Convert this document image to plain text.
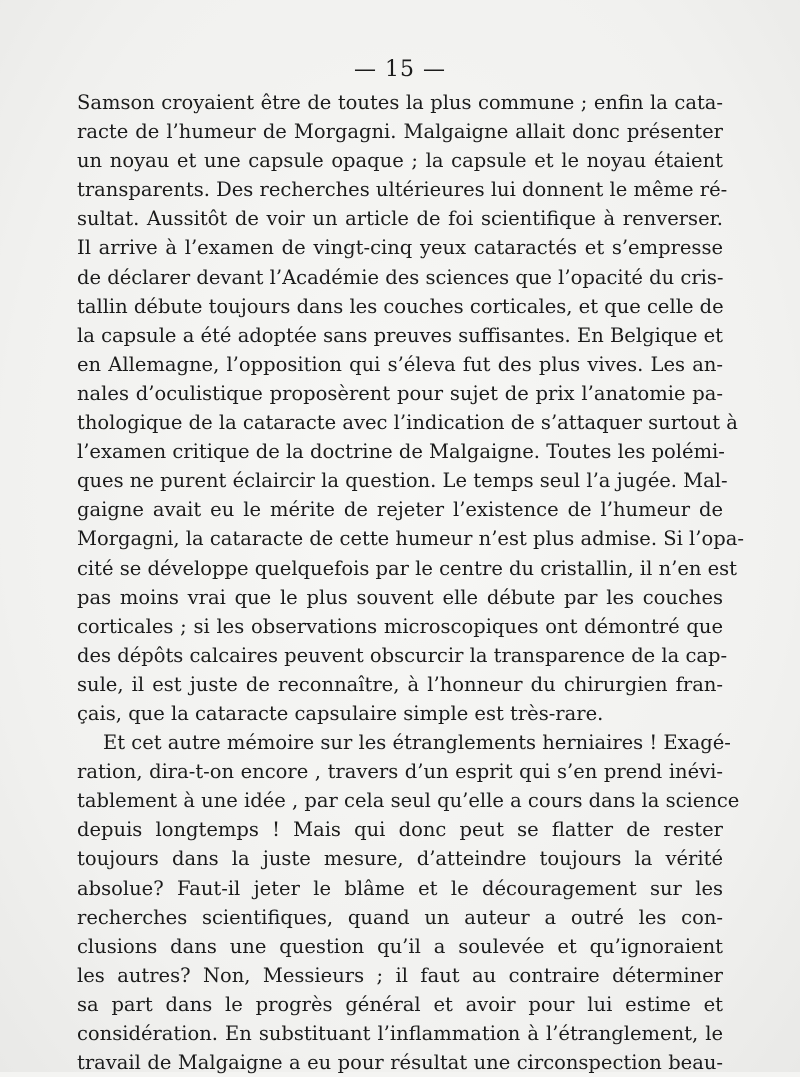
— 15 —
Samson croyaient être de toutes la plus commune ; enfin la cata-
racte de l’humeur de Morgagni. Malgaigne allait donc présenter
un noyau et une capsule opaque ; la capsule et le noyau étaient
transparents. Des recherches ultérieures lui donnent le même ré-
sultat. Aussitôt de voir un article de foi scientifique à renverser.
Il arrive à l’examen de vingt-cinq yeux cataractés et s’empresse
de déclarer devant l’Académie des sciences que l’opacité du cris-
tallin débute toujours dans les couches corticales, et que celle de
la capsule a été adoptée sans preuves suffisantes. En Belgique et
en Allemagne, l’opposition qui s’éleva fut des plus vives. Les an-
nales d’oculistique proposèrent pour sujet de prix l’anatomie pa-
thologique de la cataracte avec l’indication de s’attaquer surtout à
l’examen critique de la doctrine de Malgaigne. Toutes les polémi-
ques ne purent éclaircir la question. Le temps seul l’a jugée. Mal-
gaigne avait eu le mérite de rejeter l’existence de l’humeur de
Morgagni, la cataracte de cette humeur n’est plus admise. Si l’opa-
cité se développe quelquefois par le centre du cristallin, il n’en est
pas moins vrai que le plus souvent elle débute par les couches
corticales ; si les observations microscopiques ont démontré que
des dépôts calcaires peuvent obscurcir la transparence de la cap-
sule, il est juste de reconnaître, à l’honneur du chirurgien fran-
çais, que la cataracte capsulaire simple est très-rare.
Et cet autre mémoire sur les étranglements herniaires ! Exagé-
ration, dira-t-on encore , travers d’un esprit qui s’en prend inévi-
tablement à une idée , par cela seul qu’elle a cours dans la science
depuis longtemps ! Mais qui donc peut se flatter de rester
toujours dans la juste mesure, d’atteindre toujours la vérité
absolue? Faut-il jeter le blâme et le découragement sur les
recherches scientifiques, quand un auteur a outré les con-
clusions dans une question qu’il a soulevée et qu’ignoraient
les autres? Non, Messieurs ; il faut au contraire déterminer
sa part dans le progrès général et avoir pour lui estime et
considération. En substituant l’inflammation à l’étranglement, le
travail de Malgaigne a eu pour résultat une circonspection beau-
